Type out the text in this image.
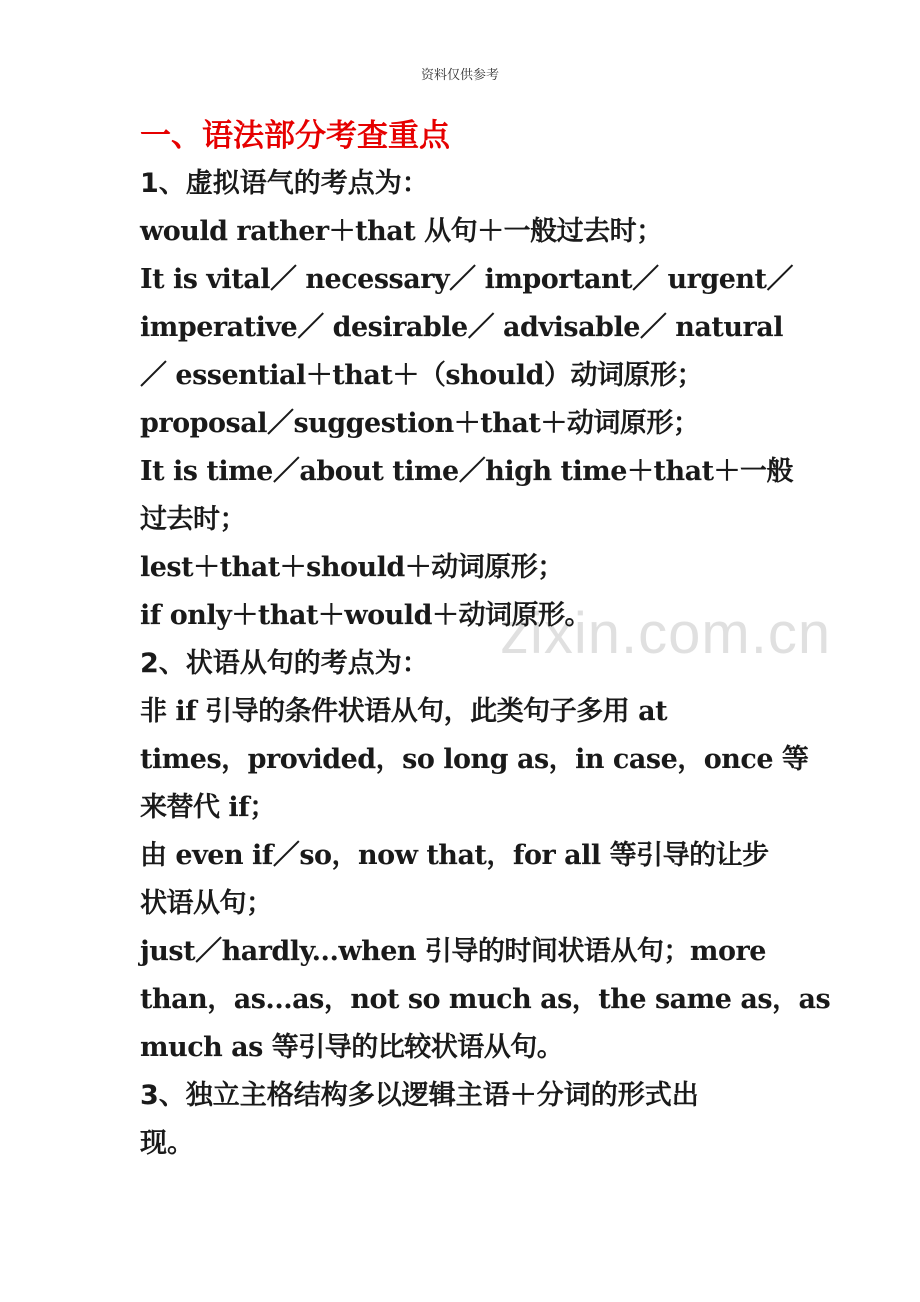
资料仅供参考
zixin.com.cn
一、语法部分考查重点
1、虚拟语气的考点为：
would rather＋that 从句＋一般过去时；
It is vital／ necessary／ important／ urgent／
imperative／ desirable／ advisable／ natural
／ essential＋that＋（should）动词原形；
proposal／suggestion＋that＋动词原形；
It is time／about time／high time＋that＋一般
过去时；
lest＋that＋should＋动词原形；
if only＋that＋would＋动词原形。
2、状语从句的考点为：
非 if 引导的条件状语从句，此类句子多用 at
times，provided，so long as，in case，once 等
来替代 if；
由 even if／so，now that，for all 等引导的让步
状语从句；
just／hardly...when 引导的时间状语从句；more
than，as...as，not so much as，the same as，as
much as 等引导的比较状语从句。
3、独立主格结构多以逻辑主语＋分词的形式出
现。
